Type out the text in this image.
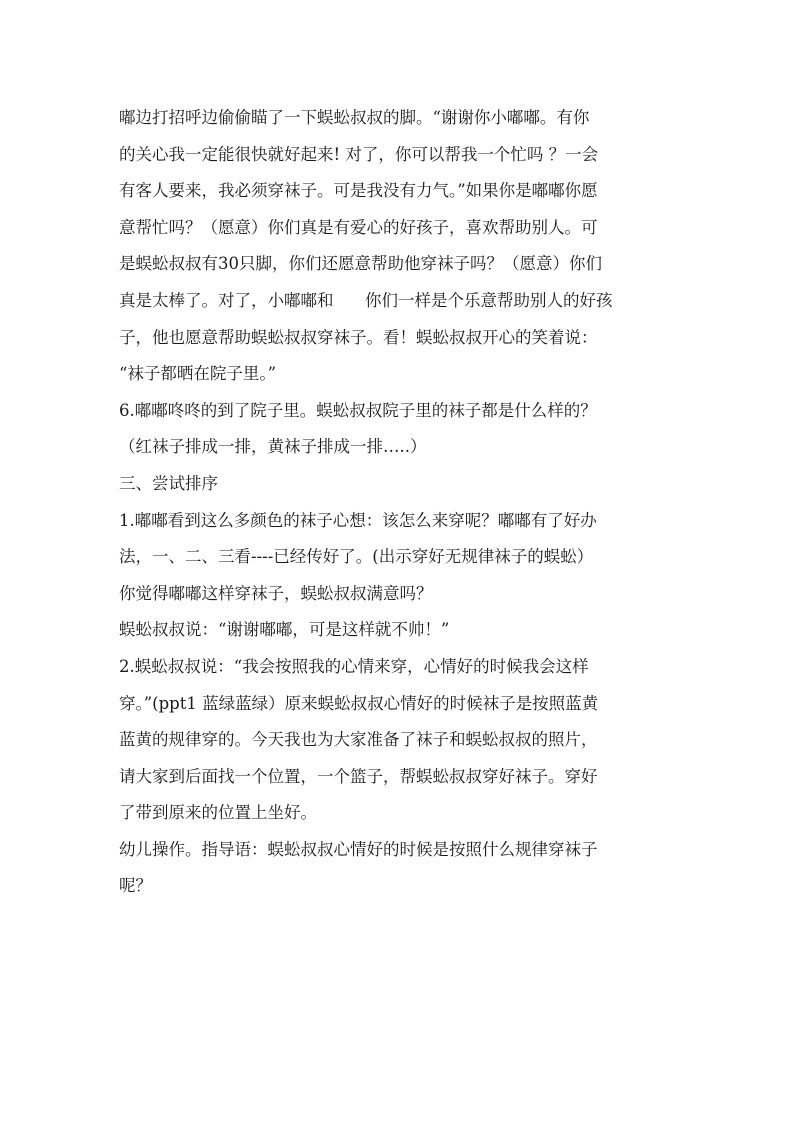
嘟边打招呼边偷偷瞄了一下蜈蚣叔叔的脚。“谢谢你小嘟嘟。有你
的关心我一定能很快就好起来! 对了，你可以帮我一个忙吗 ？一会
有客人要来，我必须穿袜子。可是我没有力气。”如果你是嘟嘟你愿
意帮忙吗？（愿意）你们真是有爱心的好孩子，喜欢帮助别人。可
是蜈蚣叔叔有30只脚，你们还愿意帮助他穿袜子吗？（愿意）你们
真是太棒了。对了，小嘟嘟和      你们一样是个乐意帮助别人的好孩
子，他也愿意帮助蜈蚣叔叔穿袜子。看！蜈蚣叔叔开心的笑着说：
“袜子都晒在院子里。”
6.嘟嘟咚咚的到了院子里。蜈蚣叔叔院子里的袜子都是什么样的？
（红袜子排成一排，黄袜子排成一排…..）
三、尝试排序
1.嘟嘟看到这么多颜色的袜子心想：该怎么来穿呢？嘟嘟有了好办
法，一、二、三看----已经传好了。(出示穿好无规律袜子的蜈蚣）
你觉得嘟嘟这样穿袜子，蜈蚣叔叔满意吗？
蜈蚣叔叔说：“谢谢嘟嘟，可是这样就不帅！”
2.蜈蚣叔叔说：“我会按照我的心情来穿，心情好的时候我会这样
穿。”(ppt1 蓝绿蓝绿）原来蜈蚣叔叔心情好的时候袜子是按照蓝黄
蓝黄的规律穿的。今天我也为大家准备了袜子和蜈蚣叔叔的照片，
请大家到后面找一个位置，一个篮子，帮蜈蚣叔叔穿好袜子。穿好
了带到原来的位置上坐好。
幼儿操作。指导语：蜈蚣叔叔心情好的时候是按照什么规律穿袜子
呢？
